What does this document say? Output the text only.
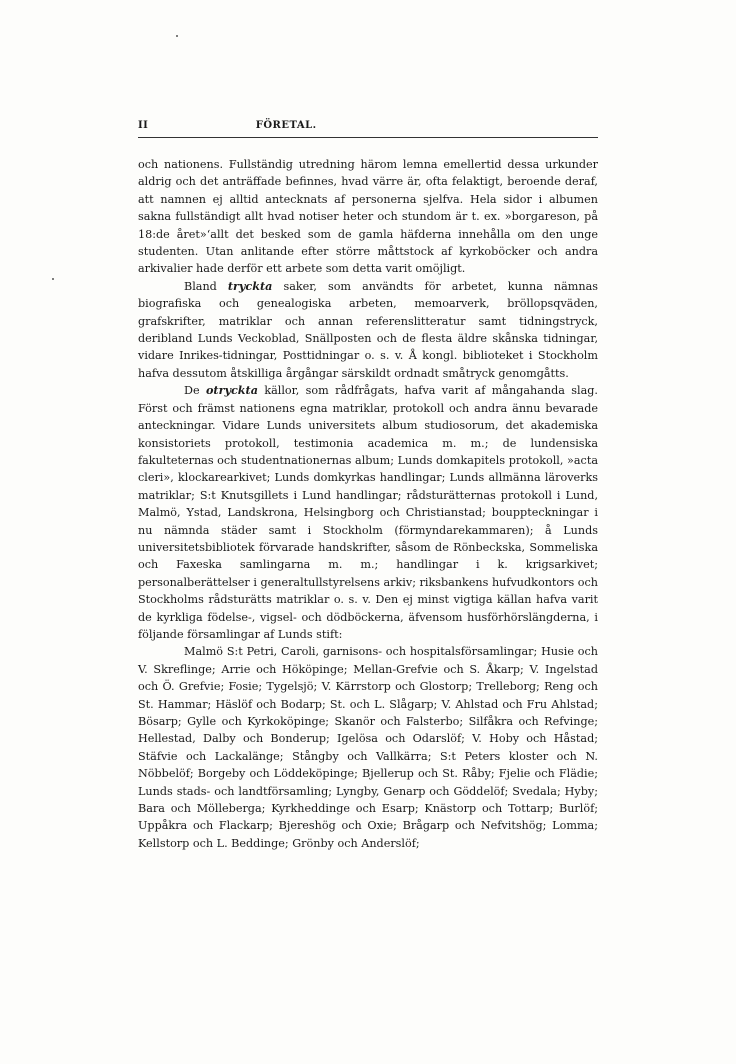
II	FÖRETAL.

och nationens. Fullständig utredning härom lemna emellertid dessa urkunder aldrig och det anträffade befinnes, hvad värre är, ofta felaktigt, beroende deraf, att namnen ej alltid antecknats af personerna sjelfva. Hela sidor i albumen sakna fullständigt allt hvad notiser heter och stundom är t. ex. »borgareson, på 18:de året»‘allt det besked som de gamla häfderna innehålla om den unge studenten. Utan anlitande efter större måttstock af kyrkoböcker och andra arkivalier hade derför ett arbete som detta varit omöjligt.

Bland tryckta saker, som användts för arbetet, kunna nämnas biografiska och genealogiska arbeten, memoarverk, bröllopsqväden, grafskrifter, matriklar och annan referenslitteratur samt tidningstryck, deribland Lunds Veckoblad, Snällposten och de flesta äldre skånska tidningar, vidare Inrikes-tidningar, Posttidningar o. s. v. Å kongl. biblioteket i Stockholm hafva dessutom åtskilliga årgångar särskildt ordnadt småtryck genomgåtts.

De otryckta källor, som rådfrågats, hafva varit af mångahanda slag. Först och främst nationens egna matriklar, protokoll och andra ännu bevarade anteckningar. Vidare Lunds universitets album studiosorum, det akademiska konsistoriets protokoll, testimonia academica m. m.; de lundensiska fakulteternas och studentnationernas album; Lunds domkapitels protokoll, »acta cleri», klockarearkivet; Lunds domkyrkas handlingar; Lunds allmänna läroverks matriklar; S:t Knutsgillets i Lund handlingar; rådsturätternas protokoll i Lund, Malmö, Ystad, Landskrona, Helsingborg och Christianstad; bouppteckningar i nu nämnda städer samt i Stockholm (förmyndarekammaren); å Lunds universitetsbibliotek förvarade handskrifter, såsom de Rönbeckska, Sommeliska och Faxeska samlingarna m. m.; handlingar i k. krigsarkivet; personalberättelser i generaltullstyrelsens arkiv; riksbankens hufvudkontors och Stockholms rådsturätts matriklar o. s. v. Den ej minst vigtiga källan hafva varit de kyrkliga födelse-, vigsel- och dödböckerna, äfvensom husförhörslängderna, i följande församlingar af Lunds stift:

Malmö S:t Petri, Caroli, garnisons- och hospitalsförsamlingar; Husie och V. Skreflinge; Arrie och Hököpinge; Mellan-Grefvie och S. Åkarp; V. Ingelstad och Ö. Grefvie; Fosie; Tygelsjö; V. Kärrstorp och Glostorp; Trelleborg; Reng och St. Hammar; Häslöf och Bodarp; St. och L. Slågarp; V. Ahlstad och Fru Ahlstad; Bösarp; Gylle och Kyrkoköpinge; Skanör och Falsterbo; Silfåkra och Refvinge; Hellestad, Dalby och Bonderup; Igelösa och Odarslöf; V. Hoby och Håstad; Stäfvie och Lackalänge; Stångby och Vallkärra; S:t Peters kloster och N. Nöbbelöf; Borgeby och Löddeköpinge; Bjellerup och St. Råby; Fjelie och Flädie; Lunds stads- och landtförsamling; Lyngby, Genarp och Göddelöf; Svedala; Hyby; Bara och Mölleberga; Kyrkheddinge och Esarp; Knästorp och Tottarp; Burlöf; Uppåkra och Flackarp; Bjereshög och Oxie; Brågarp och Nefvitshög; Lomma; Kellstorp och L. Beddinge; Grönby och Anderslöf;
